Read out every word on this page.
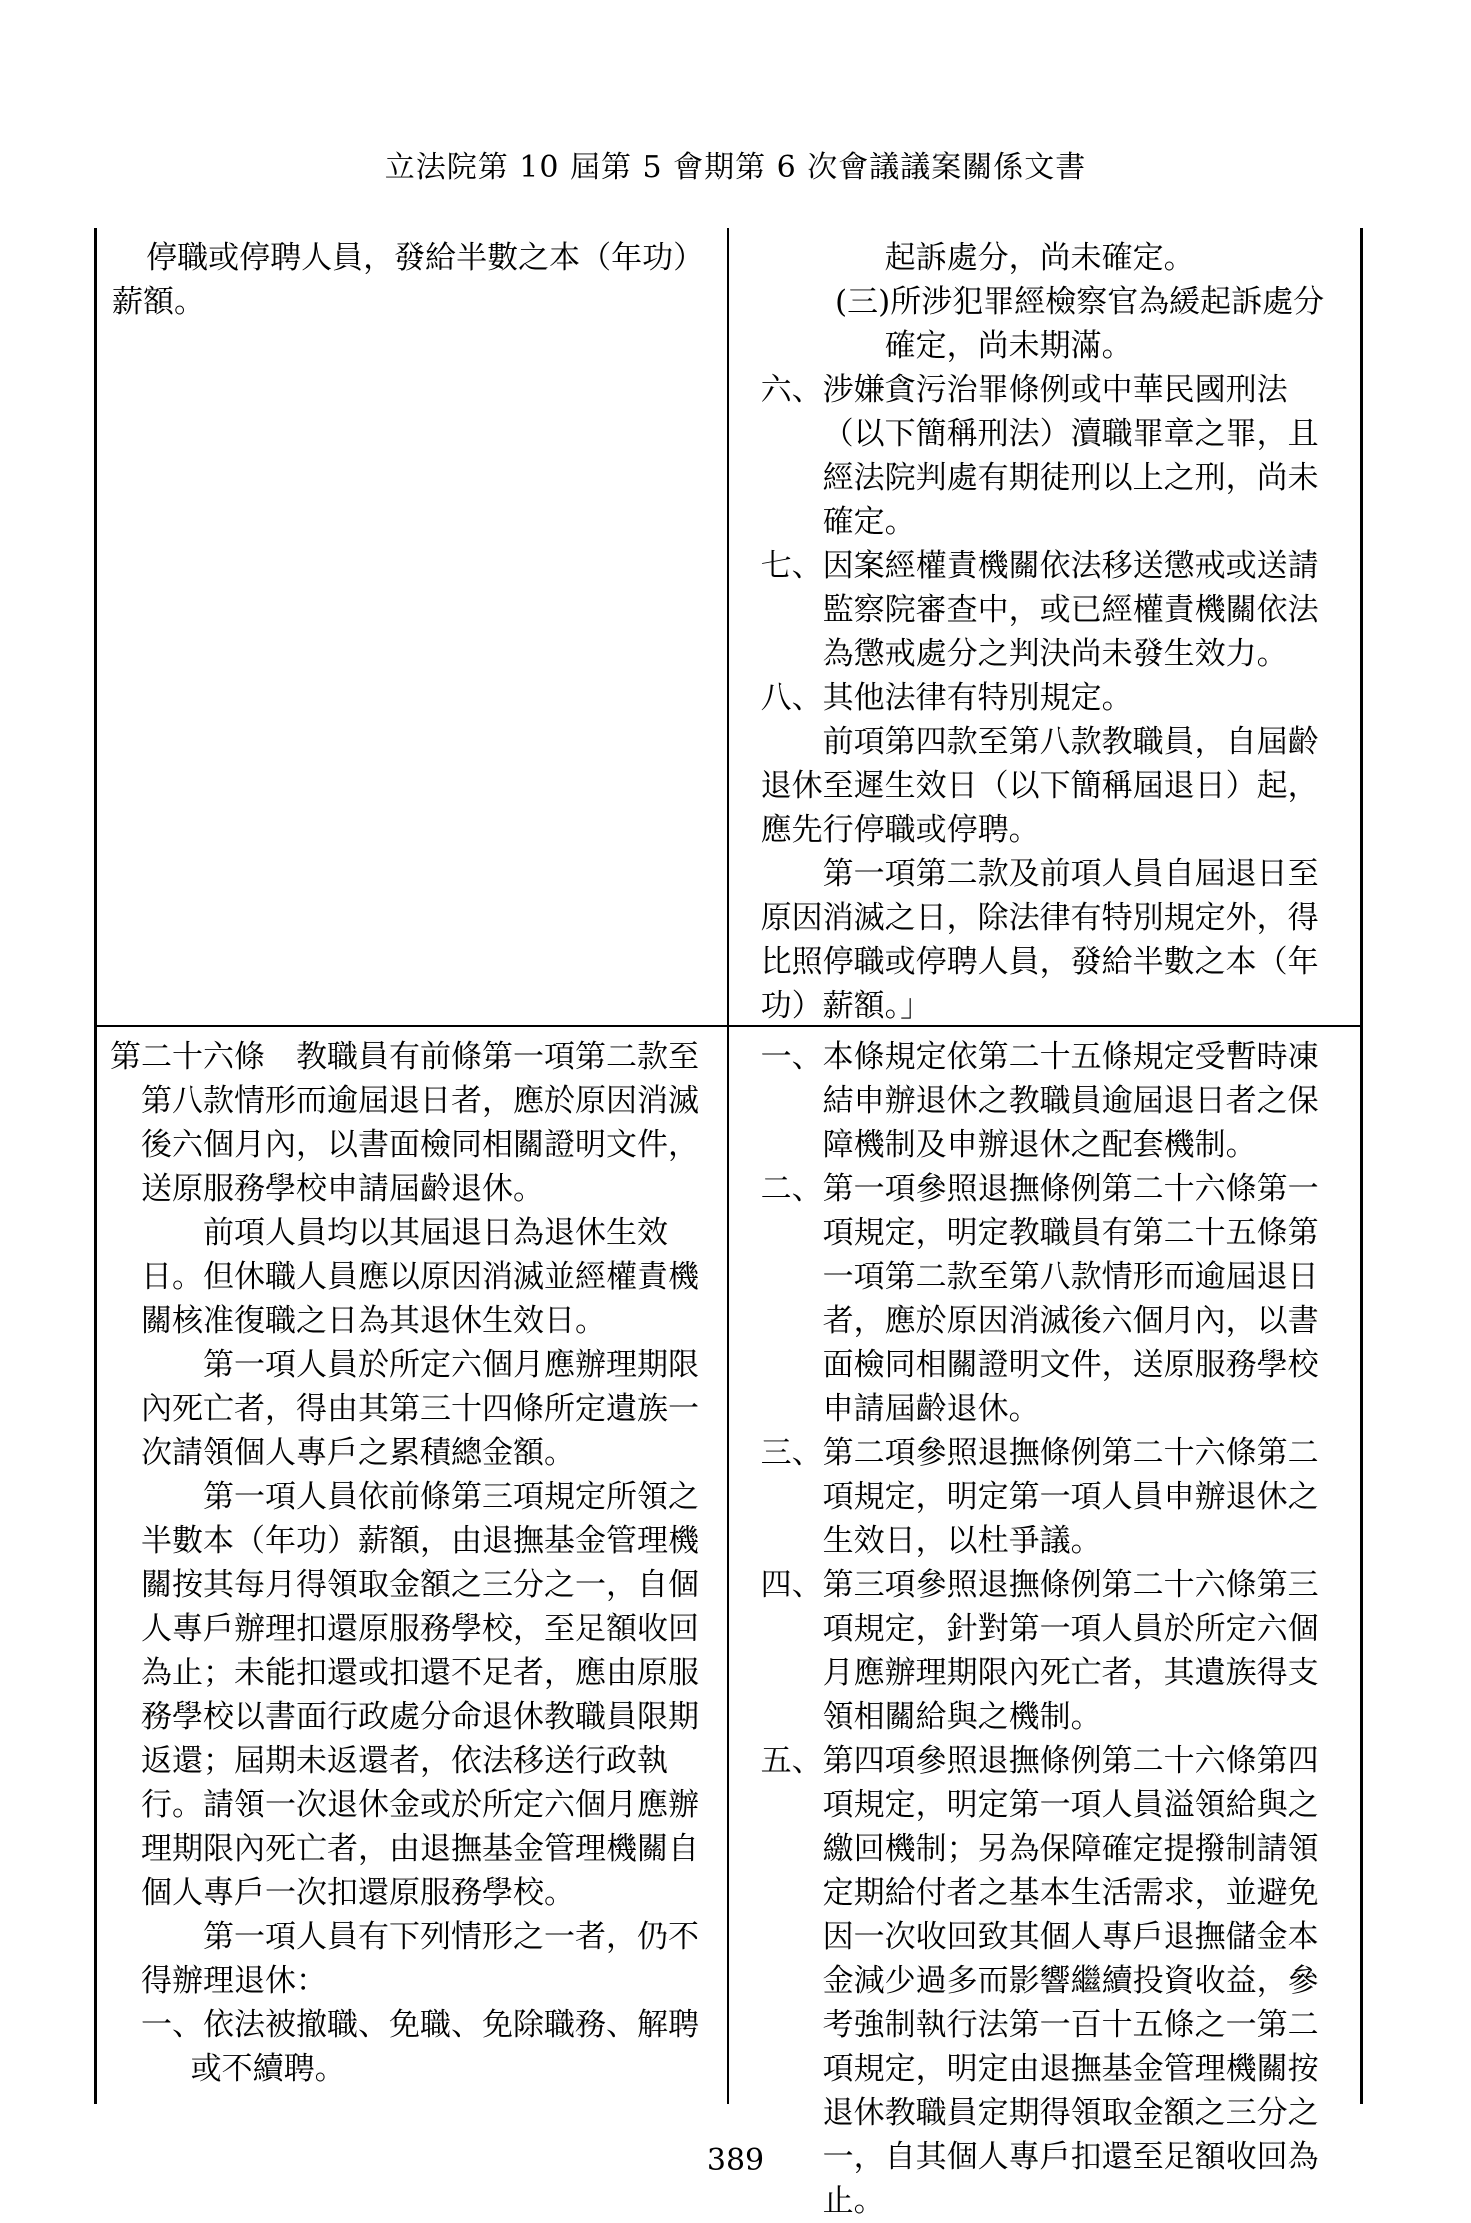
立法院第 10 屆第 5 會期第 6 次會議議案關係文書

停職或停聘人員，發給半數之本（年功）薪額。

起訴處分，尚未確定。

(三)所涉犯罪經檢察官為緩起訴處分確定，尚未期滿。

六、涉嫌貪污治罪條例或中華民國刑法（以下簡稱刑法）瀆職罪章之罪，且經法院判處有期徒刑以上之刑，尚未確定。

七、因案經權責機關依法移送懲戒或送請監察院審查中，或已經權責機關依法為懲戒處分之判決尚未發生效力。

八、其他法律有特別規定。

前項第四款至第八款教職員，自屆齡退休至遲生效日（以下簡稱屆退日）起，應先行停職或停聘。

第一項第二款及前項人員自屆退日至原因消滅之日，除法律有特別規定外，得比照停職或停聘人員，發給半數之本（年功）薪額。」

第二十六條　教職員有前條第一項第二款至第八款情形而逾屆退日者，應於原因消滅後六個月內，以書面檢同相關證明文件，送原服務學校申請屆齡退休。

前項人員均以其屆退日為退休生效日。但休職人員應以原因消滅並經權責機關核准復職之日為其退休生效日。

第一項人員於所定六個月應辦理期限內死亡者，得由其第三十四條所定遺族一次請領個人專戶之累積總金額。

第一項人員依前條第三項規定所領之半數本（年功）薪額，由退撫基金管理機關按其每月得領取金額之三分之一，自個人專戶辦理扣還原服務學校，至足額收回為止；未能扣還或扣還不足者，應由原服務學校以書面行政處分命退休教職員限期返還；屆期未返還者，依法移送行政執行。請領一次退休金或於所定六個月應辦理期限內死亡者，由退撫基金管理機關自個人專戶一次扣還原服務學校。

第一項人員有下列情形之一者，仍不得辦理退休：

一、依法被撤職、免職、免除職務、解聘或不續聘。

一、本條規定依第二十五條規定受暫時凍結申辦退休之教職員逾屆退日者之保障機制及申辦退休之配套機制。

二、第一項參照退撫條例第二十六條第一項規定，明定教職員有第二十五條第一項第二款至第八款情形而逾屆退日者，應於原因消滅後六個月內，以書面檢同相關證明文件，送原服務學校申請屆齡退休。

三、第二項參照退撫條例第二十六條第二項規定，明定第一項人員申辦退休之生效日，以杜爭議。

四、第三項參照退撫條例第二十六條第三項規定，針對第一項人員於所定六個月應辦理期限內死亡者，其遺族得支領相關給與之機制。

五、第四項參照退撫條例第二十六條第四項規定，明定第一項人員溢領給與之繳回機制；另為保障確定提撥制請領定期給付者之基本生活需求，並避免因一次收回致其個人專戶退撫儲金本金減少過多而影響繼續投資收益，參考強制執行法第一百十五條之一第二項規定，明定由退撫基金管理機關按退休教職員定期得領取金額之三分之一，自其個人專戶扣還至足額收回為止。

389
